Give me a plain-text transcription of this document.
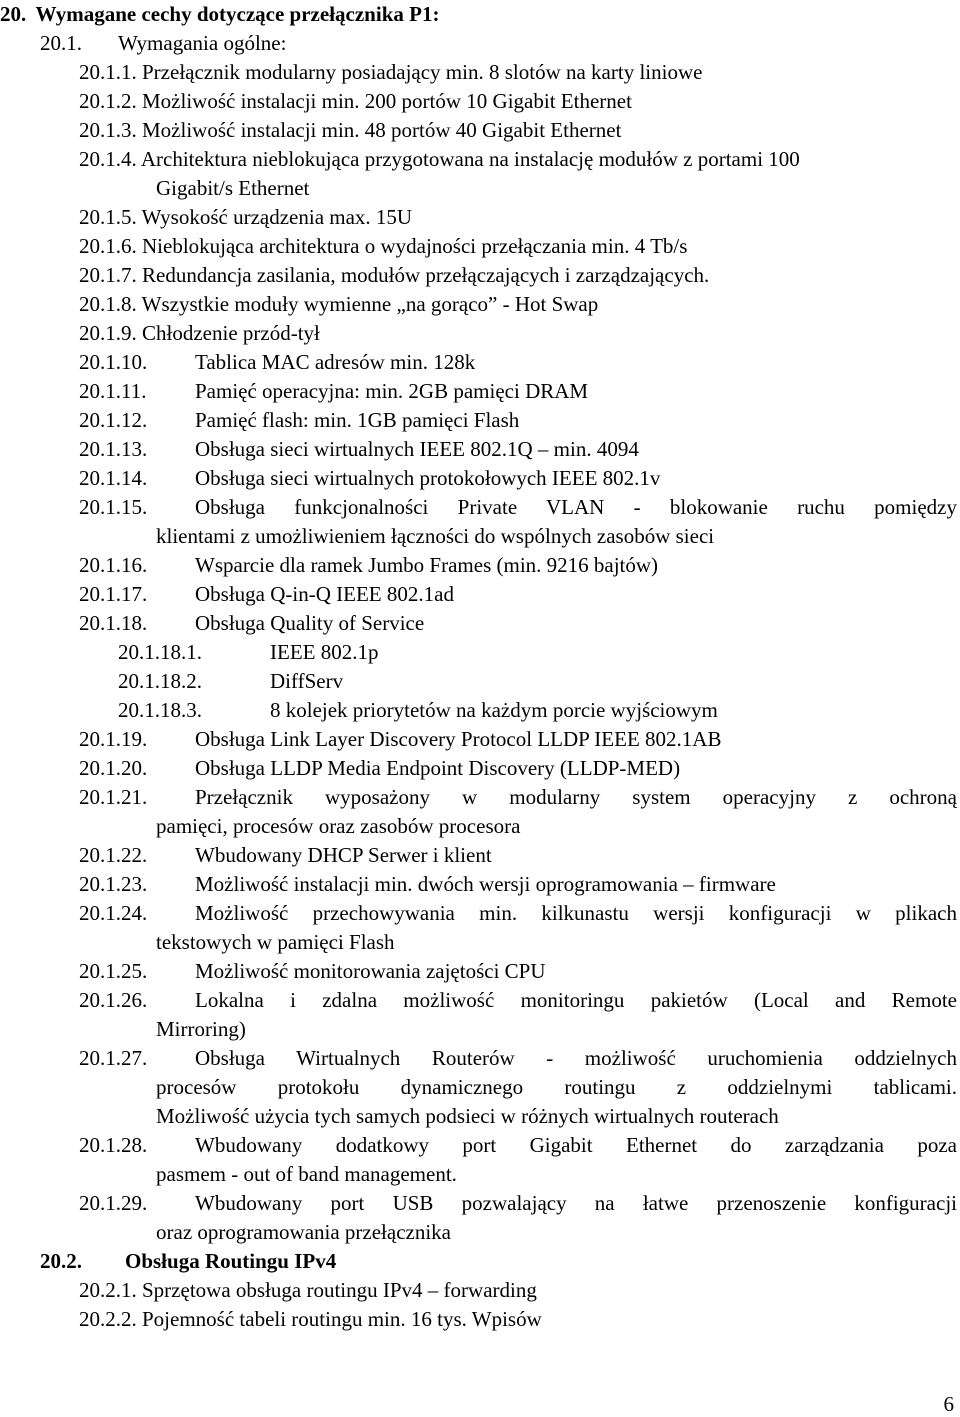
20. Wymagane cechy dotyczące przełącznika P1:
20.1. Wymagania ogólne:
20.1.1. Przełącznik modularny posiadający min. 8 slotów na karty liniowe
20.1.2. Możliwość instalacji min. 200 portów 10 Gigabit Ethernet
20.1.3. Możliwość instalacji min. 48 portów 40 Gigabit Ethernet
20.1.4. Architektura nieblokująca przygotowana na instalację modułów z portami 100
Gigabit/s Ethernet
20.1.5. Wysokość urządzenia max. 15U
20.1.6. Nieblokująca architektura o wydajności przełączania min. 4 Tb/s
20.1.7. Redundancja zasilania, modułów przełączających i zarządzających.
20.1.8. Wszystkie moduły wymienne „na gorąco” - Hot Swap
20.1.9. Chłodzenie przód-tył
20.1.10. Tablica MAC adresów min. 128k
20.1.11. Pamięć operacyjna: min. 2GB pamięci DRAM
20.1.12. Pamięć flash: min. 1GB pamięci Flash
20.1.13. Obsługa sieci wirtualnych IEEE 802.1Q – min. 4094
20.1.14. Obsługa sieci wirtualnych protokołowych IEEE 802.1v
20.1.15. Obsługa funkcjonalności Private VLAN - blokowanie ruchu pomiędzy
klientami z umożliwieniem łączności do wspólnych zasobów sieci
20.1.16. Wsparcie dla ramek Jumbo Frames (min. 9216 bajtów)
20.1.17. Obsługa Q-in-Q IEEE 802.1ad
20.1.18. Obsługa Quality of Service
20.1.18.1.	IEEE 802.1p
20.1.18.2.	DiffServ
20.1.18.3.	8 kolejek priorytetów na każdym porcie wyjściowym
20.1.19. Obsługa Link Layer Discovery Protocol LLDP IEEE 802.1AB
20.1.20. Obsługa LLDP Media Endpoint Discovery (LLDP-MED)
20.1.21. Przełącznik wyposażony w modularny system operacyjny z ochroną
pamięci, procesów oraz zasobów procesora
20.1.22. Wbudowany DHCP Serwer i klient
20.1.23. Możliwość instalacji min. dwóch wersji oprogramowania – firmware
20.1.24. Możliwość przechowywania min. kilkunastu wersji konfiguracji w plikach
tekstowych w pamięci Flash
20.1.25. Możliwość monitorowania zajętości CPU
20.1.26. Lokalna i zdalna możliwość monitoringu pakietów (Local and Remote
Mirroring)
20.1.27. Obsługa Wirtualnych Routerów - możliwość uruchomienia oddzielnych
procesów protokołu dynamicznego routingu z oddzielnymi tablicami.
Możliwość użycia tych samych podsieci w różnych wirtualnych routerach
20.1.28. Wbudowany dodatkowy port Gigabit Ethernet do zarządzania poza
pasmem - out of band management.
20.1.29. Wbudowany port USB pozwalający na łatwe przenoszenie konfiguracji
oraz oprogramowania przełącznika
20.2. Obsługa Routingu IPv4
20.2.1. Sprzętowa obsługa routingu IPv4 – forwarding
20.2.2. Pojemność tabeli routingu min. 16 tys. Wpisów
6
